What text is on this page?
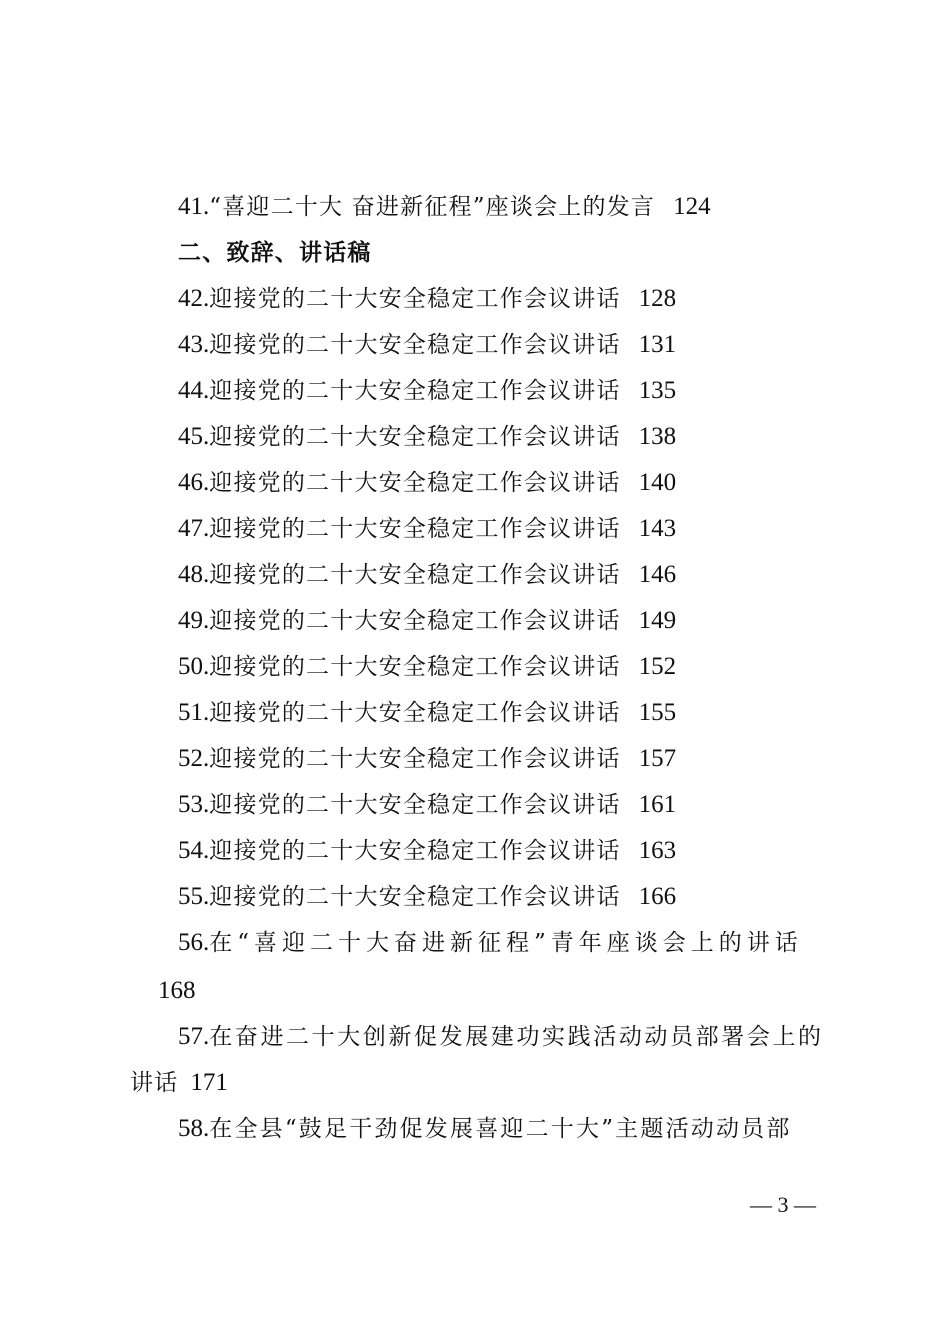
41.“喜迎二十大 奋进新征程”座谈会上的发言 124
二、致辞、讲话稿
42.迎接党的二十大安全稳定工作会议讲话 128
43.迎接党的二十大安全稳定工作会议讲话 131
44.迎接党的二十大安全稳定工作会议讲话 135
45.迎接党的二十大安全稳定工作会议讲话 138
46.迎接党的二十大安全稳定工作会议讲话 140
47.迎接党的二十大安全稳定工作会议讲话 143
48.迎接党的二十大安全稳定工作会议讲话 146
49.迎接党的二十大安全稳定工作会议讲话 149
50.迎接党的二十大安全稳定工作会议讲话 152
51.迎接党的二十大安全稳定工作会议讲话 155
52.迎接党的二十大安全稳定工作会议讲话 157
53.迎接党的二十大安全稳定工作会议讲话 161
54.迎接党的二十大安全稳定工作会议讲话 163
55.迎接党的二十大安全稳定工作会议讲话 166
56.在“喜迎二十大奋进新征程”青年座谈会上的讲话
168
57.在奋进二十大创新促发展建功实践活动动员部署会上的
讲话 171
58.在全县“鼓足干劲促发展喜迎二十大”主题活动动员部
— 3 —
